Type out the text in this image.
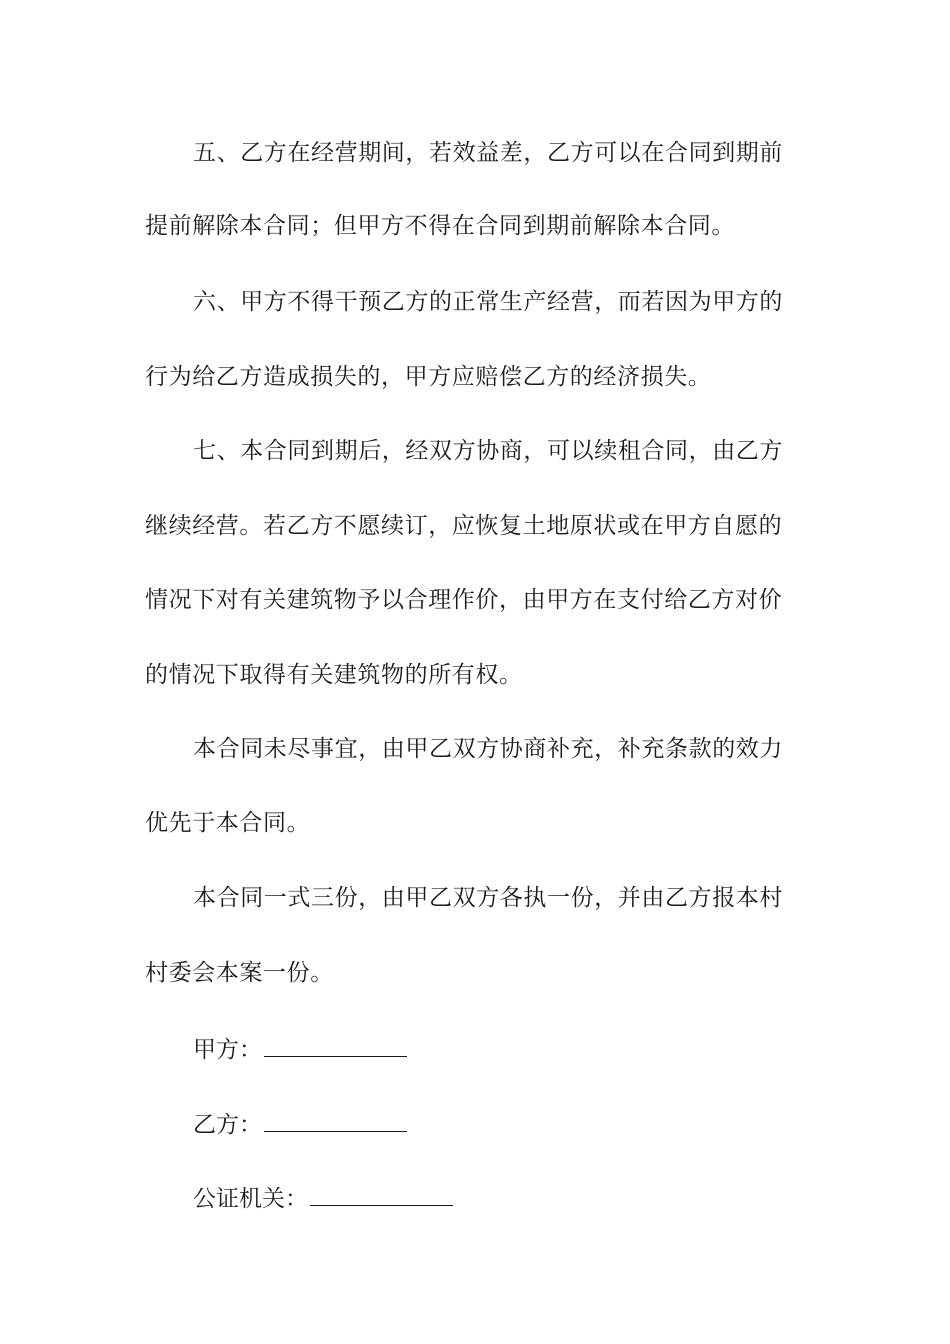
五、乙方在经营期间，若效益差，乙方可以在合同到期前
提前解除本合同；但甲方不得在合同到期前解除本合同。
六、甲方不得干预乙方的正常生产经营，而若因为甲方的
行为给乙方造成损失的，甲方应赔偿乙方的经济损失。
七、本合同到期后，经双方协商，可以续租合同，由乙方
继续经营。若乙方不愿续订，应恢复土地原状或在甲方自愿的
情况下对有关建筑物予以合理作价，由甲方在支付给乙方对价
的情况下取得有关建筑物的所有权。
本合同未尽事宜，由甲乙双方协商补充，补充条款的效力
优先于本合同。
本合同一式三份，由甲乙双方各执一份，并由乙方报本村
村委会本案一份。
甲方：
乙方：
公证机关：
